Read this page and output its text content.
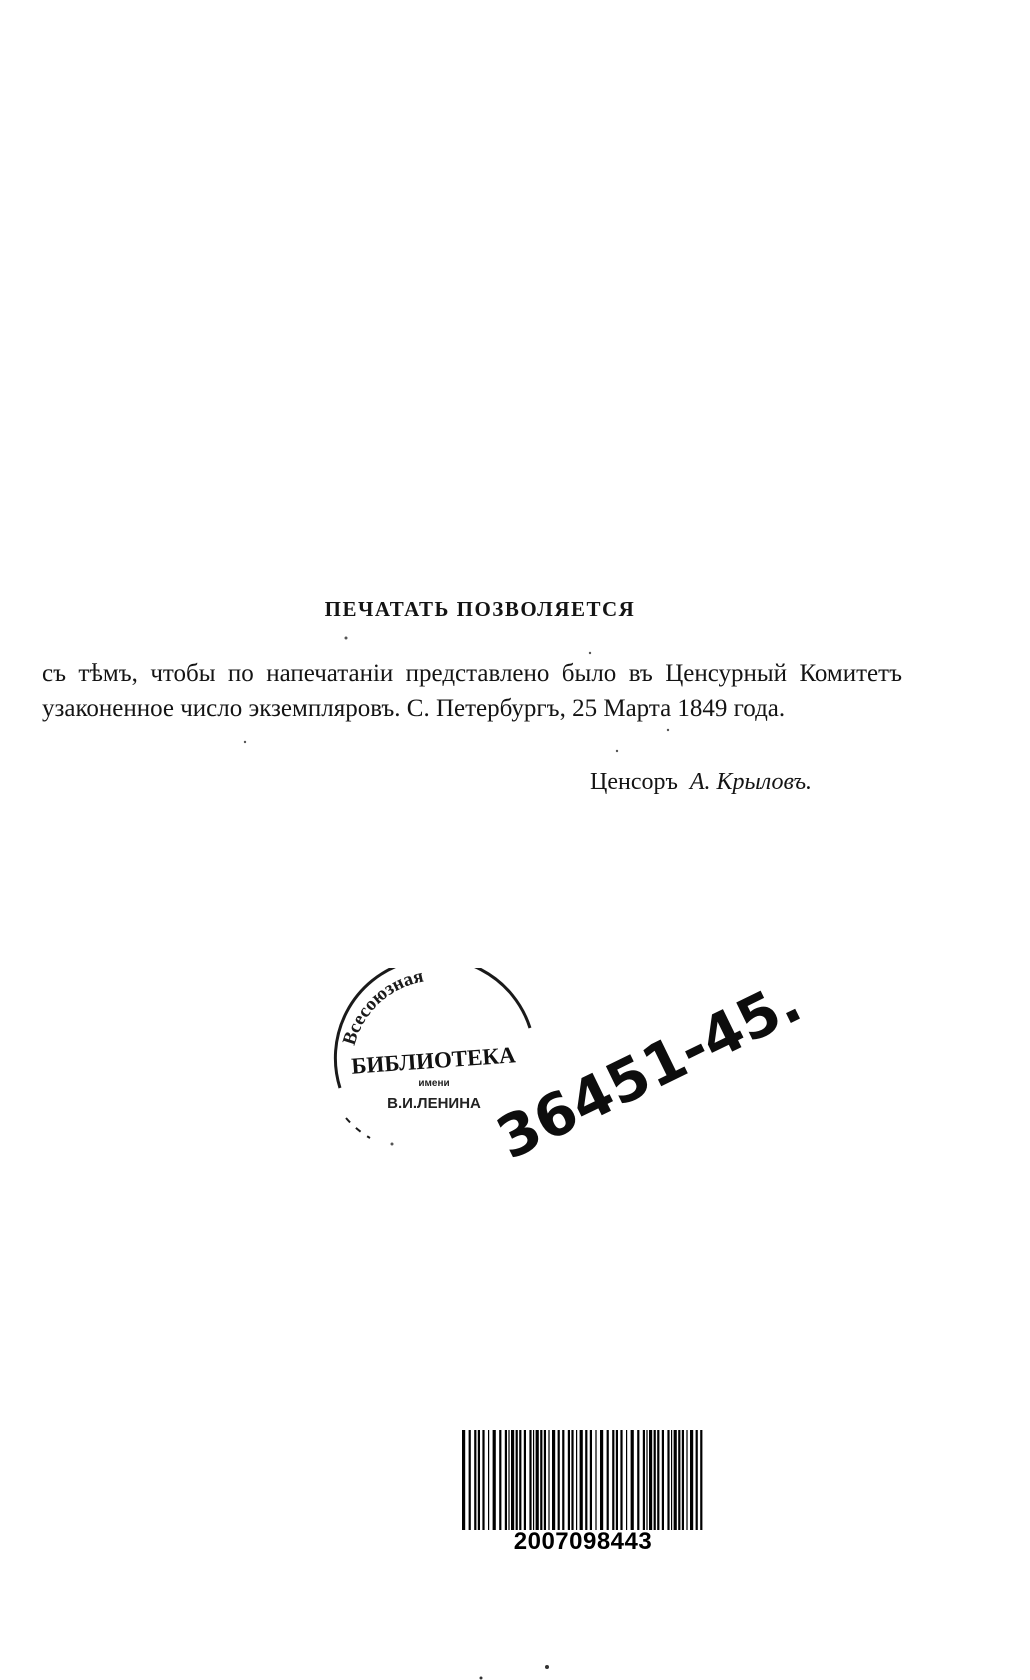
ПЕЧАТАТЬ ПОЗВОЛЯЕТСЯ
съ тѣмъ, чтобы по напечатаніи представлено было въ Ценсурный Комитетъ узаконенное число экземпляровъ. С. Петербургъ, 25 Марта 1849 года.
Ценсоръ А. Крыловъ.
Всесоюзная
БИБЛИОТЕКА
имени
В.И.ЛЕНИНА 36451-45.
2007098443
